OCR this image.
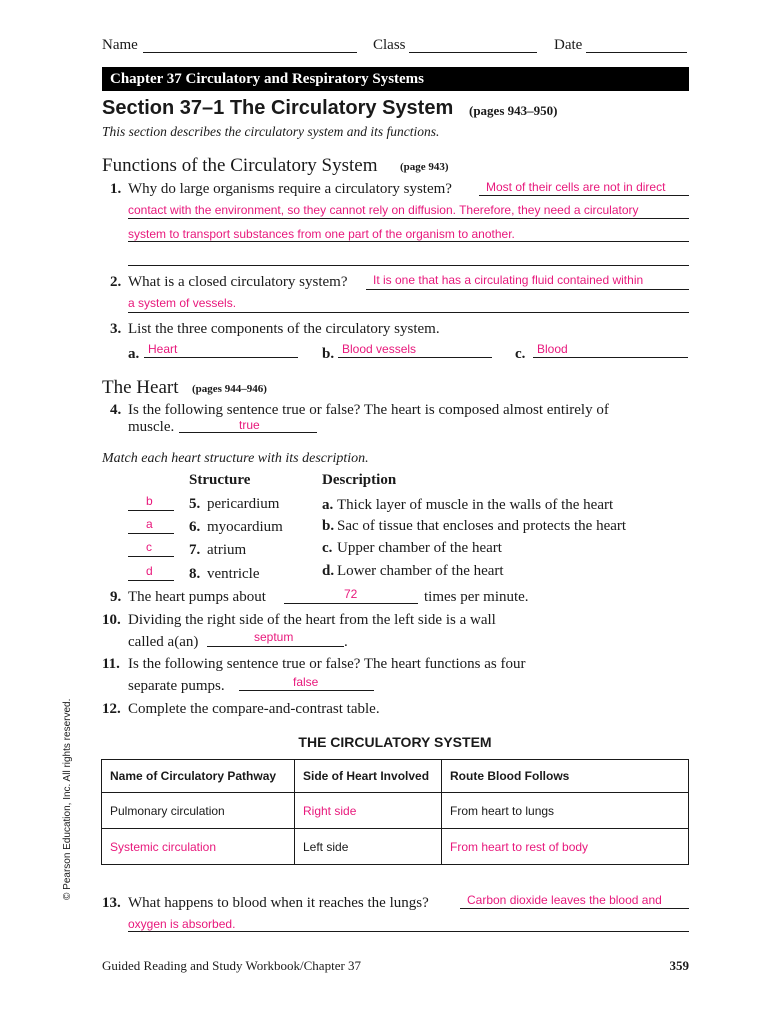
Name	Class	Date
Chapter 37 Circulatory and Respiratory Systems
Section 37–1 The Circulatory System (pages 943–950)
This section describes the circulatory system and its functions.
Functions of the Circulatory System (page 943)
1. Why do large organisms require a circulatory system?	Most of their cells are not in direct
contact with the environment, so they cannot rely on diffusion. Therefore, they need a circulatory
system to transport substances from one part of the organism to another.
2. What is a closed circulatory system? It is one that has a circulating fluid contained within
a system of vessels.
3. List the three components of the circulatory system.
a. Heart	b. Blood vessels	c. Blood
The Heart (pages 944–946)
4. Is the following sentence true or false? The heart is composed almost entirely of
muscle.	true
Match each heart structure with its description.
Structure	Description
b 5. pericardium	a. Thick layer of muscle in the walls of the heart
a 6. myocardium	b. Sac of tissue that encloses and protects the heart
c 7. atrium	c. Upper chamber of the heart
d 8. ventricle	d. Lower chamber of the heart
9. The heart pumps about	72	times per minute.
10. Dividing the right side of the heart from the left side is a wall
called a(an)	septum	.
11. Is the following sentence true or false? The heart functions as four
separate pumps.	false
12. Complete the compare-and-contrast table.
THE CIRCULATORY SYSTEM
Name of Circulatory Pathway	Side of Heart Involved	Route Blood Follows
Pulmonary circulation	Right side	From heart to lungs
Systemic circulation	Left side	From heart to rest of body
13. What happens to blood when it reaches the lungs?	Carbon dioxide leaves the blood and
oxygen is absorbed.
© Pearson Education, Inc. All rights reserved.
Guided Reading and Study Workbook/Chapter 37	359
